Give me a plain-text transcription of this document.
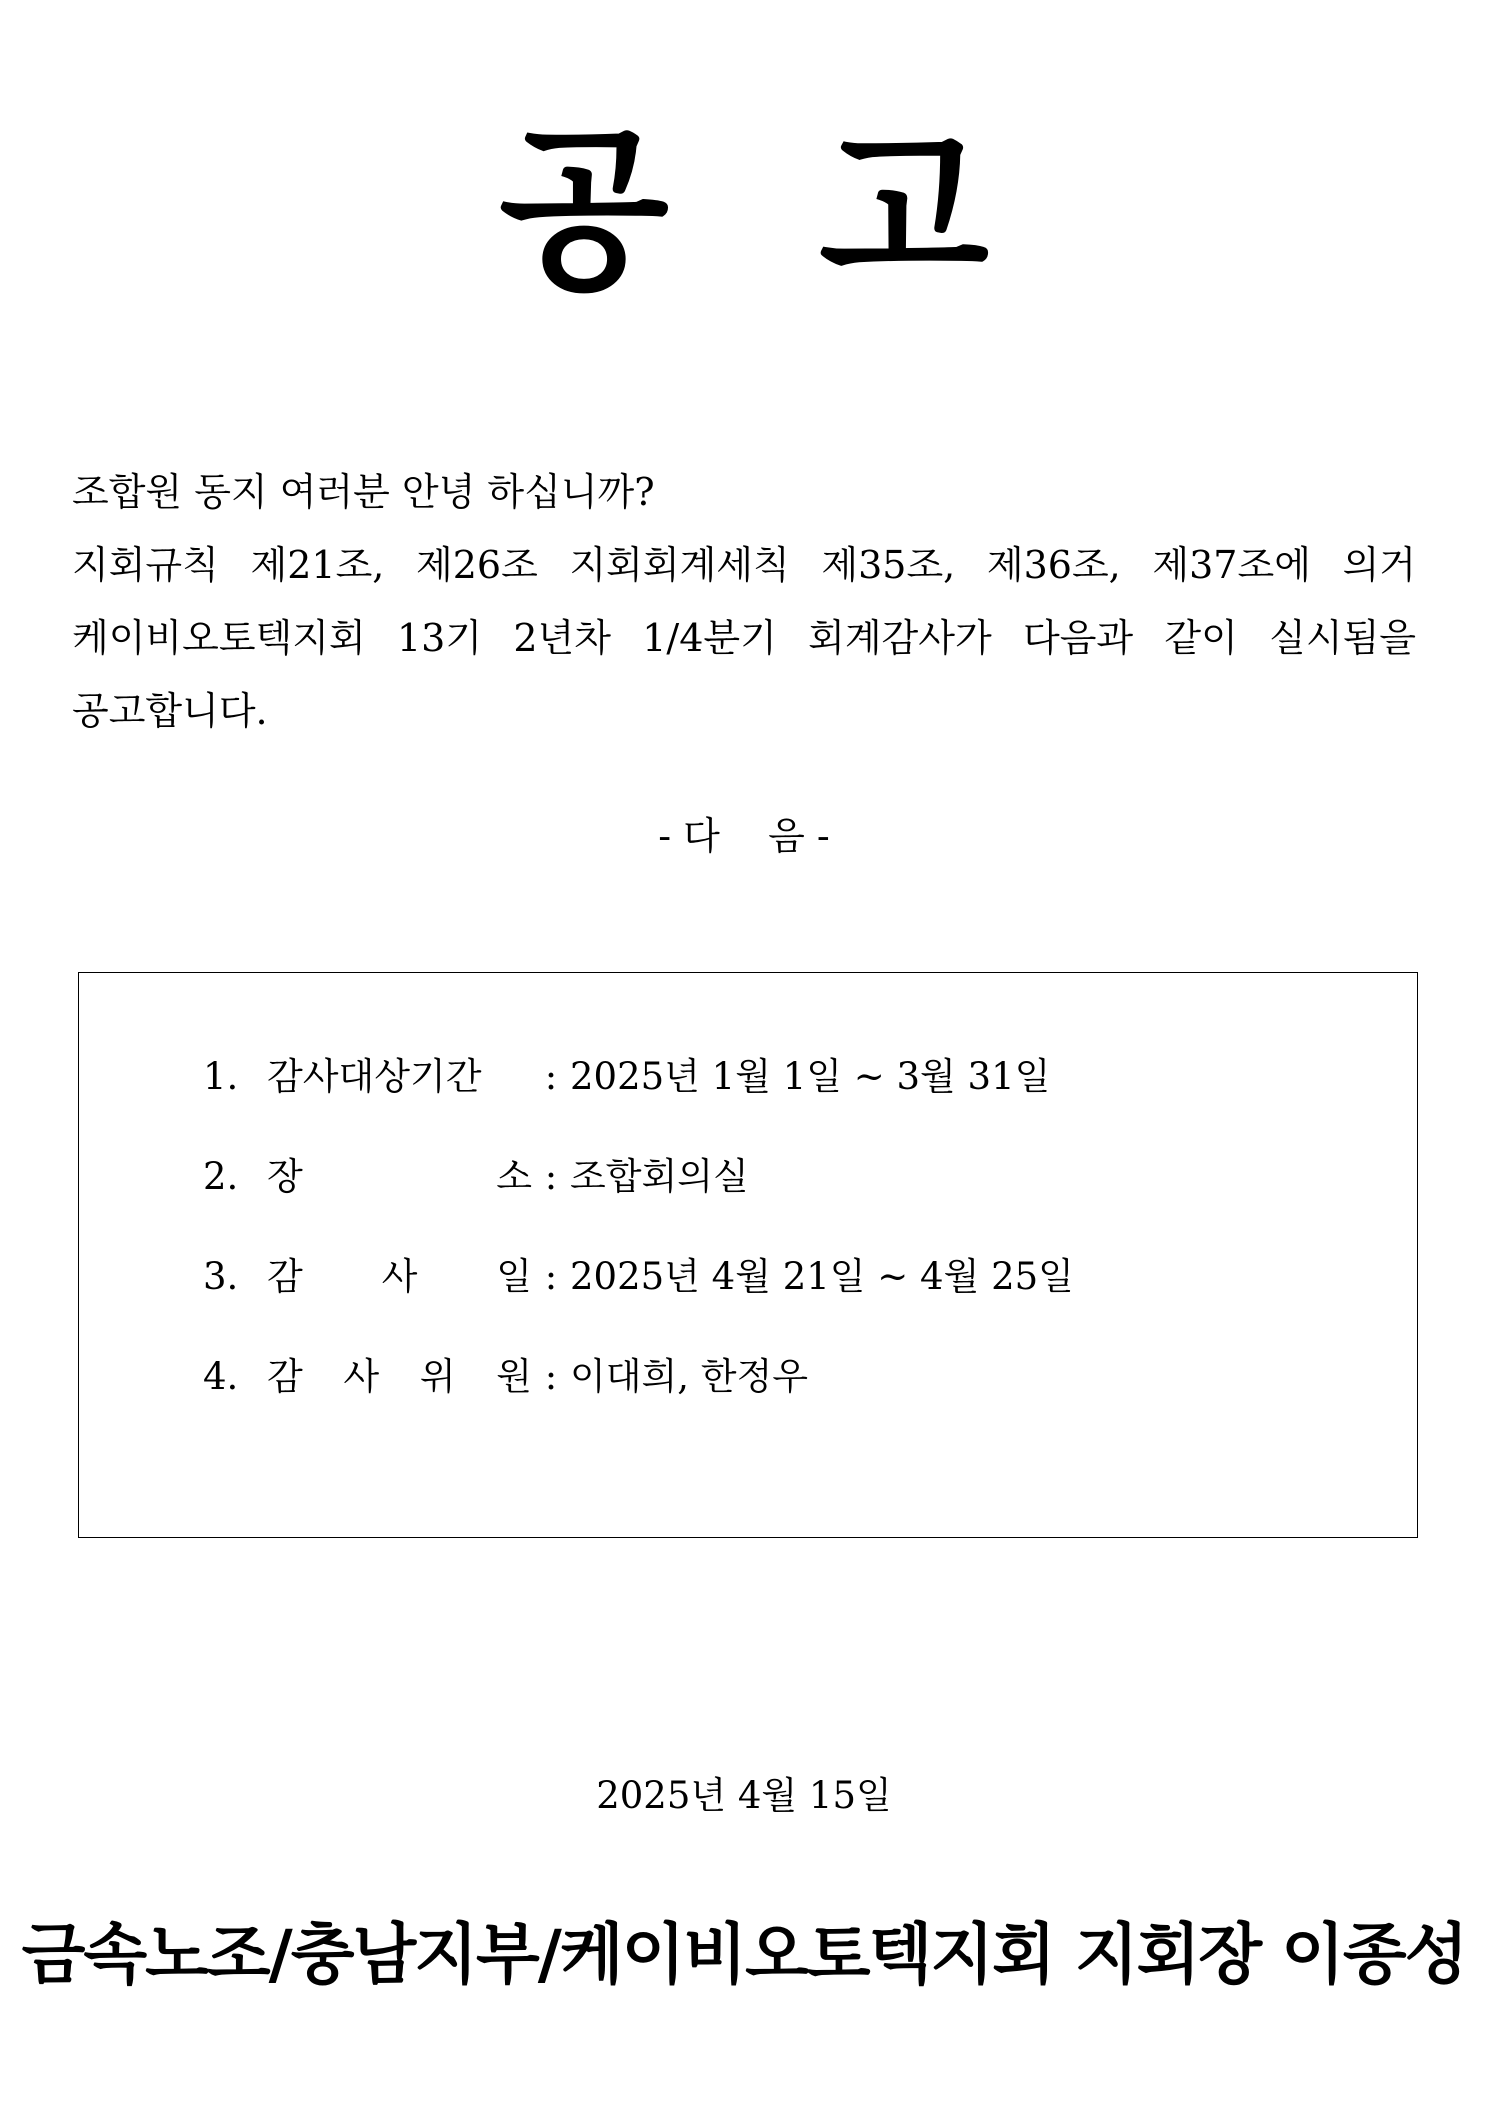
공 고
조합원 동지 여러분 안녕 하십니까?
지회규칙 제21조, 제26조 지회회계세칙 제35조, 제36조, 제37조에 의거
케이비오토텍지회 13기 2년차 1/4분기 회계감사가 다음과 같이 실시됨을
공고합니다.
- 다    음 -
1. 감사대상기간	: 2025년 1월 1일 ~ 3월 31일
2. 장	소 : 조합회의실
3. 감 사 일 : 2025년 4월 21일 ~ 4월 25일
4. 감 사 위 원 : 이대희, 한정우
2025년 4월 15일
금속노조/충남지부/케이비오토텍지회 지회장 이종성
